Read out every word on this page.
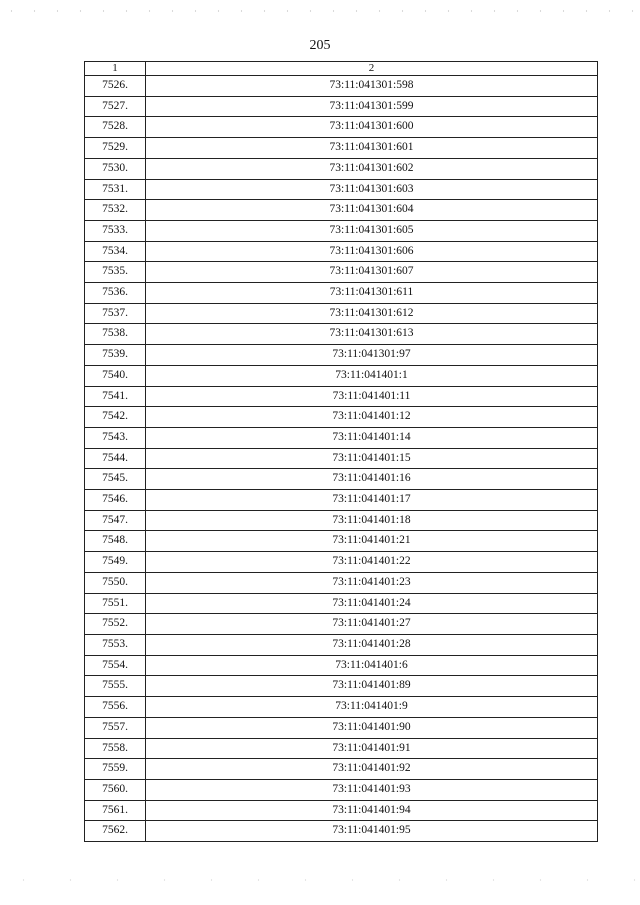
205
1	2
7526.	73:11:041301:598
7527.	73:11:041301:599
7528.	73:11:041301:600
7529.	73:11:041301:601
7530.	73:11:041301:602
7531.	73:11:041301:603
7532.	73:11:041301:604
7533.	73:11:041301:605
7534.	73:11:041301:606
7535.	73:11:041301:607
7536.	73:11:041301:611
7537.	73:11:041301:612
7538.	73:11:041301:613
7539.	73:11:041301:97
7540.	73:11:041401:1
7541.	73:11:041401:11
7542.	73:11:041401:12
7543.	73:11:041401:14
7544.	73:11:041401:15
7545.	73:11:041401:16
7546.	73:11:041401:17
7547.	73:11:041401:18
7548.	73:11:041401:21
7549.	73:11:041401:22
7550.	73:11:041401:23
7551.	73:11:041401:24
7552.	73:11:041401:27
7553.	73:11:041401:28
7554.	73:11:041401:6
7555.	73:11:041401:89
7556.	73:11:041401:9
7557.	73:11:041401:90
7558.	73:11:041401:91
7559.	73:11:041401:92
7560.	73:11:041401:93
7561.	73:11:041401:94
7562.	73:11:041401:95
